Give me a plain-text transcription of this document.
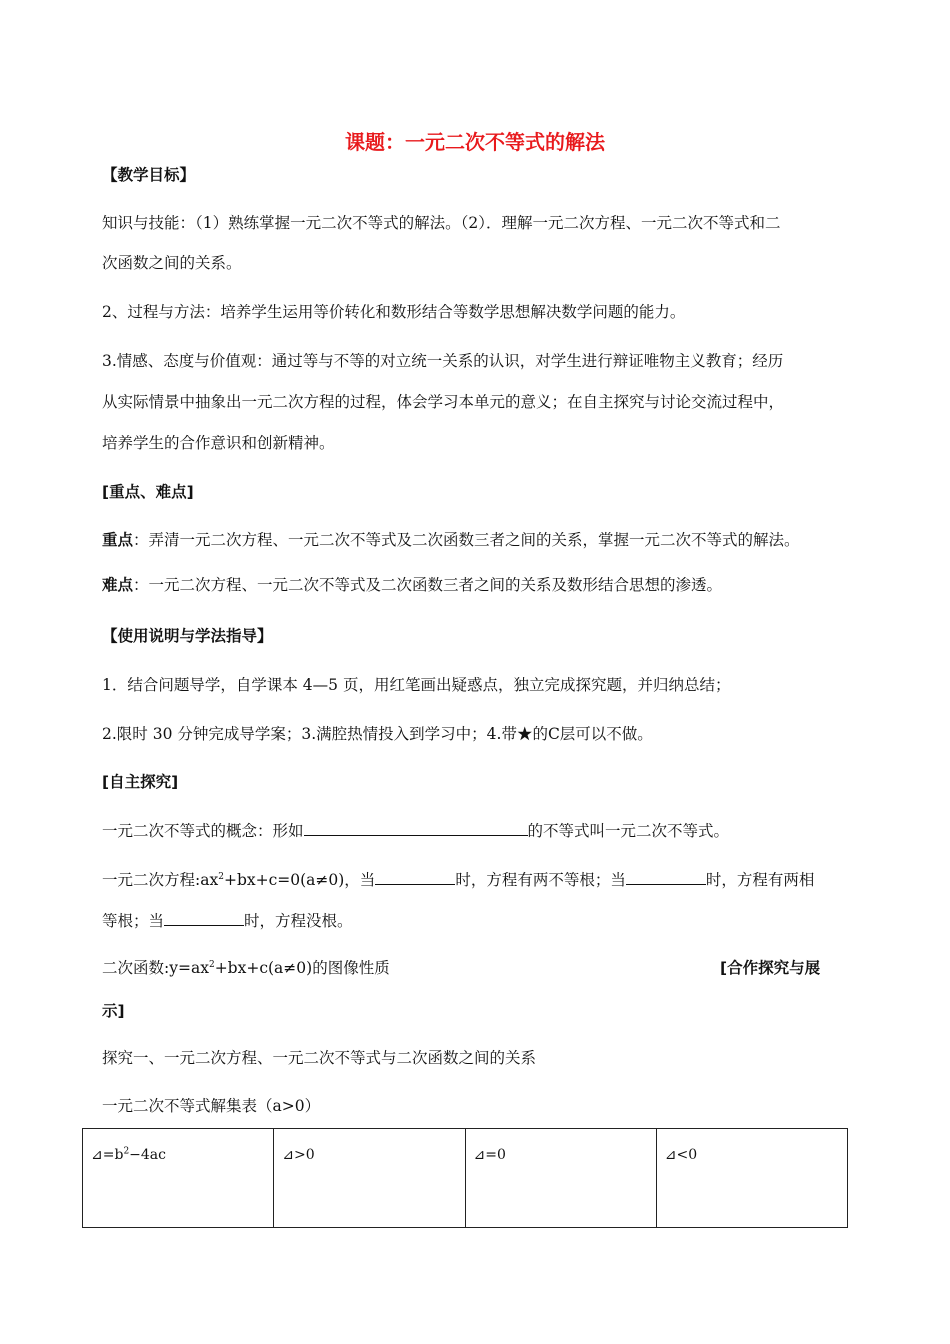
课题：一元二次不等式的解法
【教学目标】
知识与技能：（1）熟练掌握一元二次不等式的解法。（2）．理解一元二次方程、一元二次不等式和二
次函数之间的关系。
2、过程与方法：培养学生运用等价转化和数形结合等数学思想解决数学问题的能力。
3.情感、态度与价值观：通过等与不等的对立统一关系的认识，对学生进行辩证唯物主义教育；经历
从实际情景中抽象出一元二次方程的过程，体会学习本单元的意义；在自主探究与讨论交流过程中，
培养学生的合作意识和创新精神。
[重点、难点]
重点：弄清一元二次方程、一元二次不等式及二次函数三者之间的关系，掌握一元二次不等式的解法。
难点：一元二次方程、一元二次不等式及二次函数三者之间的关系及数形结合思想的渗透。
【使用说明与学法指导】
1．结合问题导学，自学课本 4—5 页，用红笔画出疑惑点，独立完成探究题，并归纳总结；
2.限时 30 分钟完成导学案；3.满腔热情投入到学习中；4.带★的C层可以不做。
[自主探究]
一元二次不等式的概念：形如	的不等式叫一元二次不等式。
一元二次方程$:ax^2+bx+c=0(a\ne 0)$，当	时，方程有两不等根；当	时，方程有两相
等根；当	时，方程没根。
二次函数$:y=ax^2+bx+c(a\ne 0)$的图像性质	[合作探究与展
示]
探究一、一元二次方程、一元二次不等式与二次函数之间的关系
一元二次不等式解集表（a>0）
$⊿=b^2-4ac$	⊿>0	⊿=0	⊿<0
